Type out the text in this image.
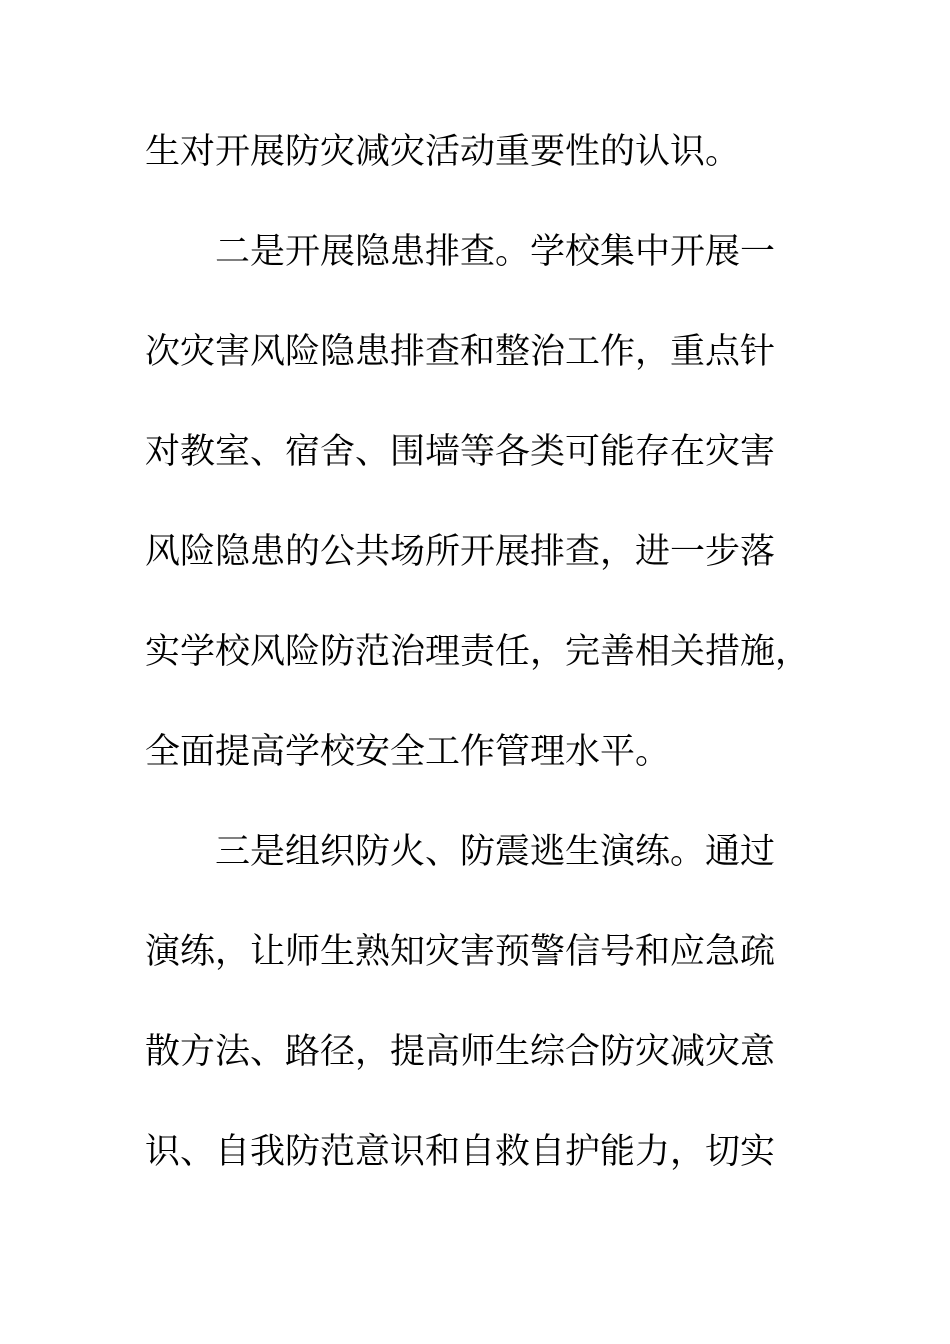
生对开展防灾减灾活动重要性的认识。
二是开展隐患排查。学校集中开展一
次灾害风险隐患排查和整治工作，重点针
对教室、宿舍、围墙等各类可能存在灾害
风险隐患的公共场所开展排查，进一步落
实学校风险防范治理责任，完善相关措施，
全面提高学校安全工作管理水平。
三是组织防火、防震逃生演练。通过
演练，让师生熟知灾害预警信号和应急疏
散方法、路径，提高师生综合防灾减灾意
识、自我防范意识和自救自护能力，切实
